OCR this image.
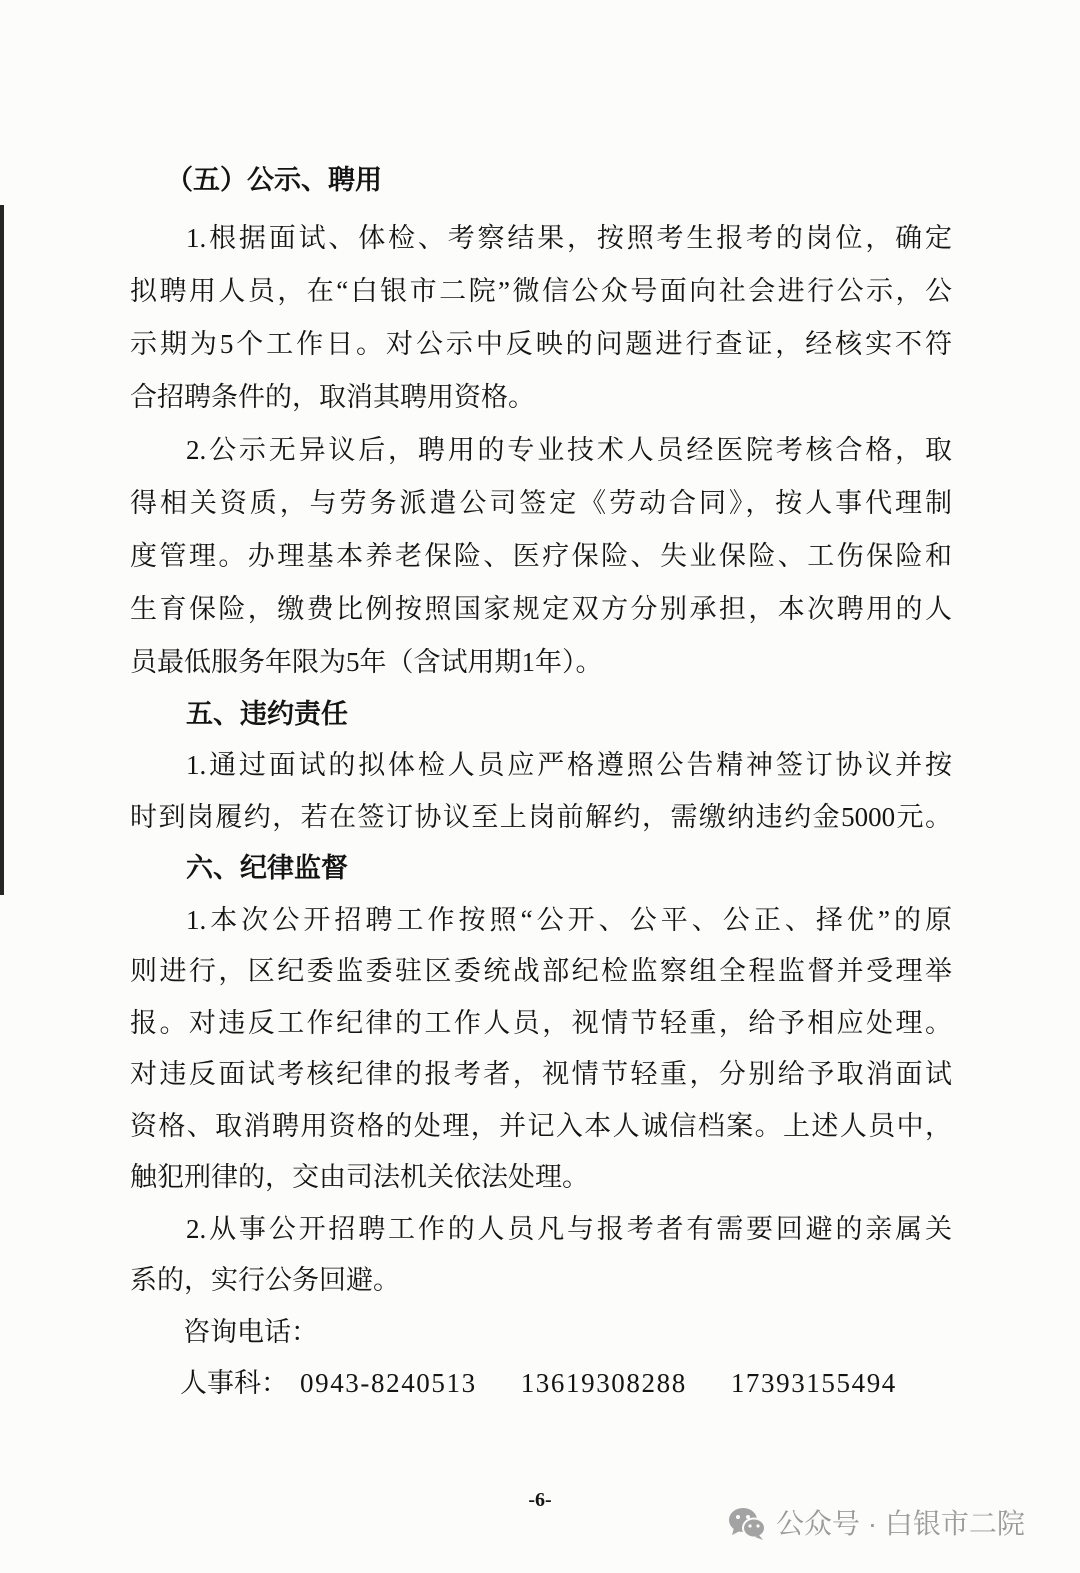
（五）公示、聘用
1.根据面试、体检、考察结果，按照考生报考的岗位，确定
拟聘用人员，在“白银市二院”微信公众号面向社会进行公示，公
示期为5个工作日。对公示中反映的问题进行查证，经核实不符
合招聘条件的，取消其聘用资格。
2.公示无异议后，聘用的专业技术人员经医院考核合格，取
得相关资质，与劳务派遣公司签定《劳动合同》，按人事代理制
度管理。办理基本养老保险、医疗保险、失业保险、工伤保险和
生育保险，缴费比例按照国家规定双方分别承担，本次聘用的人
员最低服务年限为5年（含试用期1年）。
五、违约责任
1.通过面试的拟体检人员应严格遵照公告精神签订协议并按
时到岗履约，若在签订协议至上岗前解约，需缴纳违约金5000元。
六、纪律监督
1.本次公开招聘工作按照“公开、公平、公正、择优”的原
则进行，区纪委监委驻区委统战部纪检监察组全程监督并受理举
报。对违反工作纪律的工作人员，视情节轻重，给予相应处理。
对违反面试考核纪律的报考者，视情节轻重，分别给予取消面试
资格、取消聘用资格的处理，并记入本人诚信档案。上述人员中，
触犯刑律的，交由司法机关依法处理。
2.从事公开招聘工作的人员凡与报考者有需要回避的亲属关
系的，实行公务回避。
咨询电话：
人事科： 0943-8240513 13619308288 17393155494
-6-
公众号 · 白银市二院
